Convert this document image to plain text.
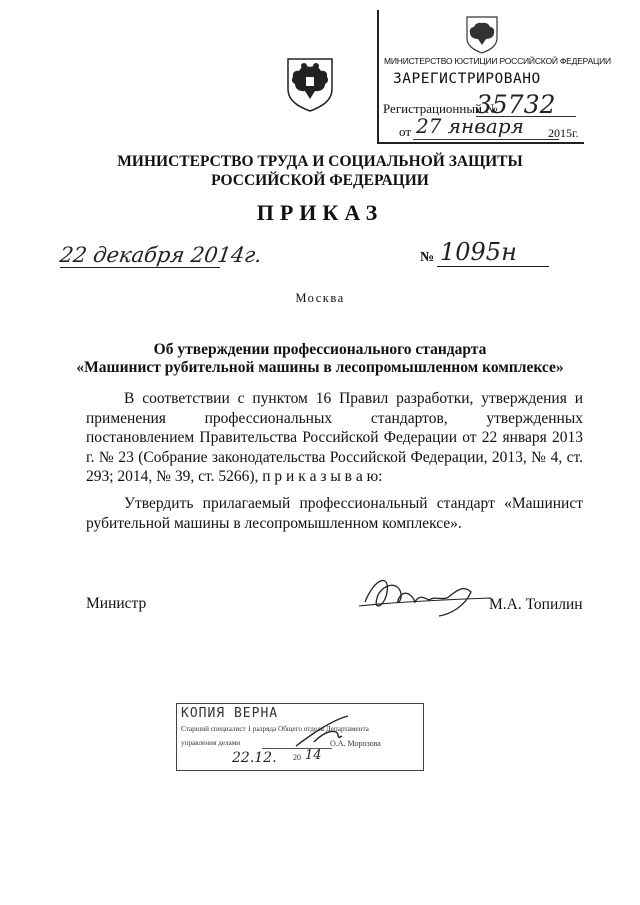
МИНИСТЕРСТВО ЮСТИЦИИ РОССИЙСКОЙ ФЕДЕРАЦИИ
ЗАРЕГИСТРИРОВАНО
Регистрационный №
35732
от 27 января 2015г.
МИНИСТЕРСТВО ТРУДА И СОЦИАЛЬНОЙ ЗАЩИТЫ
РОССИЙСКОЙ ФЕДЕРАЦИИ
ПРИКАЗ
22 декабря 2014г.	№ 1095н
Москва
Об утверждении профессионального стандарта
«Машинист рубительной машины в лесопромышленном комплексе»
В соответствии с пунктом 16 Правил разработки, утверждения и применения профессиональных стандартов, утвержденных постановлением Правительства Российской Федерации от 22 января 2013 г. № 23 (Собрание законодательства Российской Федерации, 2013, № 4, ст. 293; 2014, № 39, ст. 5266), п р и к а з ы в а ю:
Утвердить прилагаемый профессиональный стандарт «Машинист рубительной машины в лесопромышленном комплексе».
Министр	М.А. Топилин
КОПИЯ ВЕРНА
Старший специалист 1 разряда Общего отдела Департамента
управления делами	О.А. Морозова
22.12. 20 14
